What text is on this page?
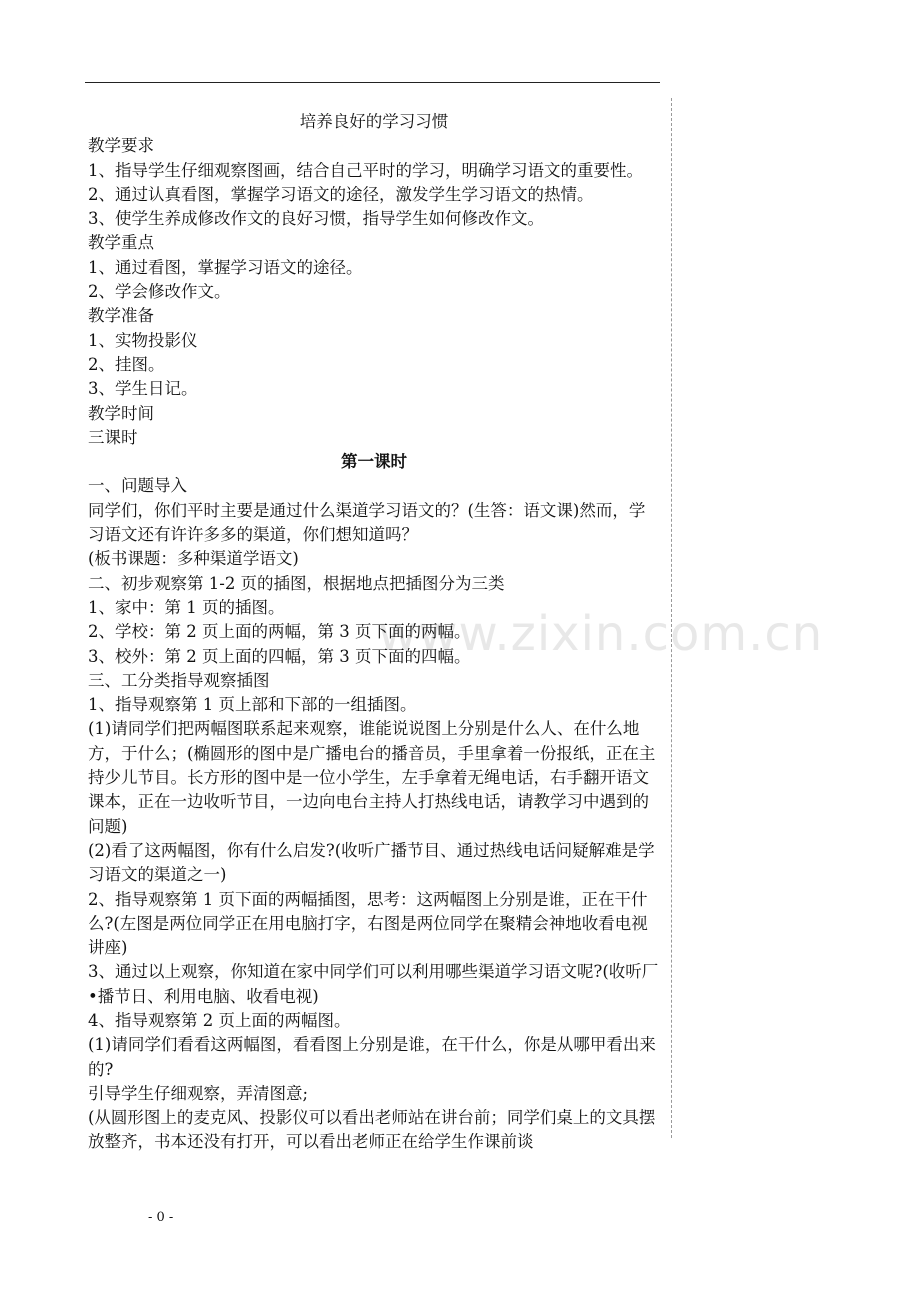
www.zixin.com.cn
培养良好的学习习惯
教学要求
1、指导学生仔细观察图画，结合自己平时的学习，明确学习语文的重要性。
2、通过认真看图，掌握学习语文的途径，激发学生学习语文的热情。
3、使学生养成修改作文的良好习惯，指导学生如何修改作文。
教学重点
1、通过看图，掌握学习语文的途径。
2、学会修改作文。
教学准备
1、实物投影仪
2、挂图。
3、学生日记。
教学时间
三课时
第一课时
一、问题导入
同学们，你们平时主要是通过什么渠道学习语文的？(生答：语文课)然而，学习语文还有许许多多的渠道，你们想知道吗？
(板书课题：多种渠道学语文)
二、初步观察第 1-2 页的插图，根据地点把插图分为三类
1、家中：第 1 页的插图。
2、学校：第 2 页上面的两幅，第 3 页下面的两幅。
3、校外：第 2 页上面的四幅，第 3 页下面的四幅。
三、工分类指导观察插图
1、指导观察第 1 页上部和下部的一组插图。
(1)请同学们把两幅图联系起来观察，谁能说说图上分别是什么人、在什么地方，于什么；(椭圆形的图中是广播电台的播音员，手里拿着一份报纸，正在主持少儿节目。长方形的图中是一位小学生，左手拿着无绳电话，右手翻开语文课本，正在一边收听节目，一边向电台主持人打热线电话，请教学习中遇到的问题)
(2)看了这两幅图，你有什么启发?(收听广播节目、通过热线电话问疑解难是学习语文的渠道之一)
2、指导观察第 1 页下面的两幅插图，思考：这两幅图上分别是谁，正在干什么?(左图是两位同学正在用电脑打字，右图是两位同学在聚精会神地收看电视讲座)
3、通过以上观察，你知道在家中同学们可以利用哪些渠道学习语文呢?(收听厂•播节日、利用电脑、收看电视)
4、指导观察第 2 页上面的两幅图。
(1)请同学们看看这两幅图，看看图上分别是谁，在干什么，你是从哪甲看出来的?
引导学生仔细观察，弄清图意;
(从圆形图上的麦克风、投影仪可以看出老师站在讲台前；同学们桌上的文具摆放整齐，书本还没有打开，可以看出老师正在给学生作课前谈
- 0 -
